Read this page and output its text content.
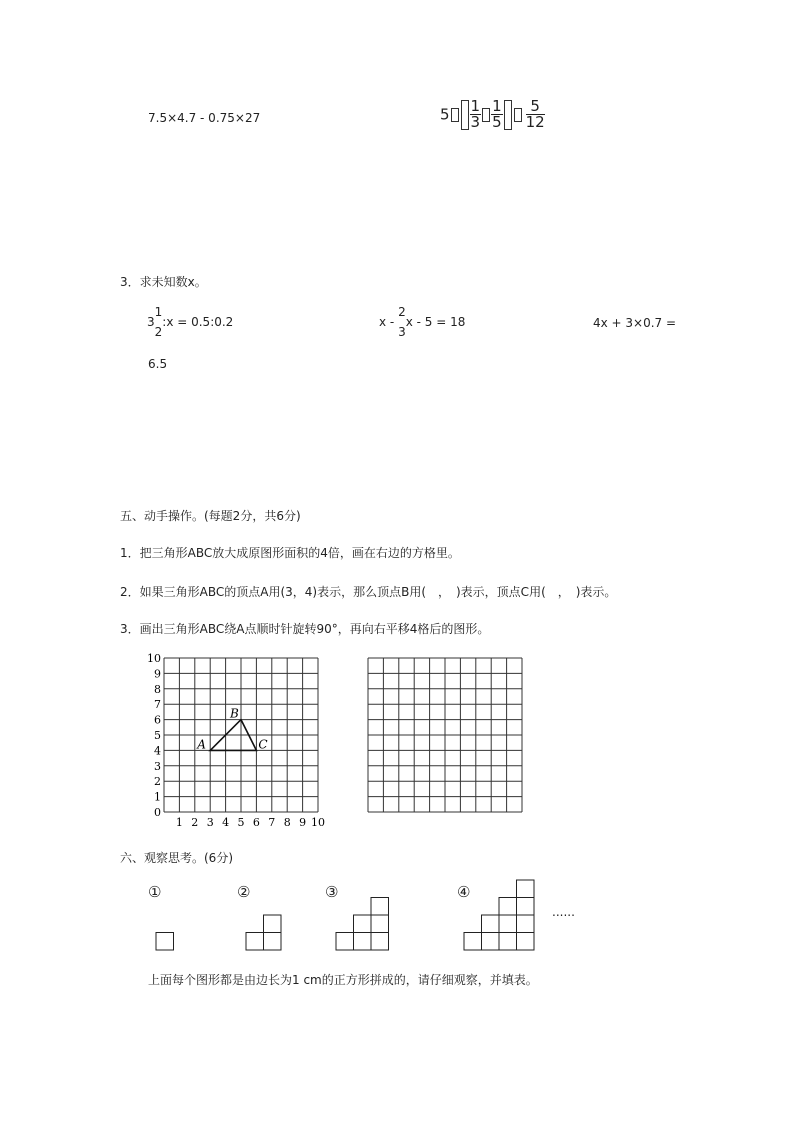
7.5×4.7 - 0.75×27	$5 \frac{1}{3} \frac{1}{5} \frac{5}{12}$
3．求未知数x。
3
1
2
:x = 0.5:0.2	x -
2
3
x - 5 = 18	4x + 3×0.7 =
6.5
五、动手操作。(每题2分，共6分)
1．把三角形ABC放大成原图形面积的4倍，画在右边的方格里。
2．如果三角形ABC的顶点A用(3，4)表示，那么顶点B用(　，　)表示，顶点C用(　，　)表示。
3．画出三角形ABC绕A点顺时针旋转90°，再向右平移4格后的图形。
10
9
8
7
6
5
4
3
2
1
0
1 2 3 4 5 6 7 8 9 10
A
B
C
六、观察思考。(6分)
①	②	③	④
......
上面每个图形都是由边长为1 cm的正方形拼成的，请仔细观察，并填表。
